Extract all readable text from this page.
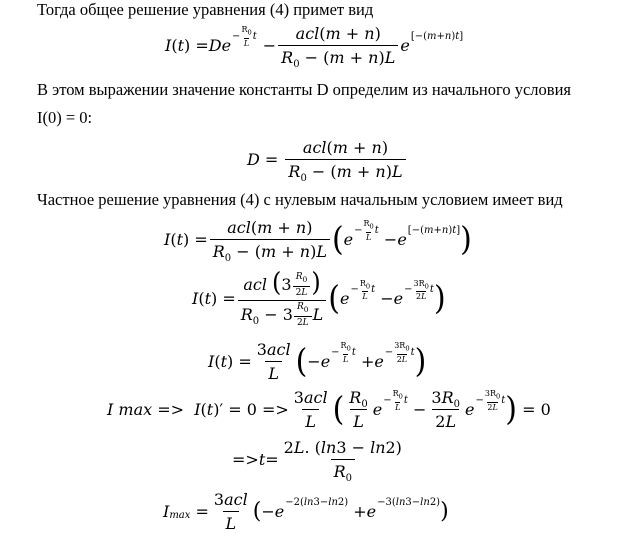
Тогда общее решение уравнения (4) примет вид
I ( t ) = $De - \frac{R_0}{L}$ $t - \frac{\text{acl(m + n)}}{R_0 - (m + n)L}$ e [−( m + n ) t ]
В этом выражении значение константы D определим из начального условия
I(0) = 0:
$D = \frac{\text{acl(m + n)}}{R_0 - (m + n)L}$
Частное решение уравнения (4) с нулевым начальным условием имеет вид
I ( t ) = $\frac{\text{acl(m + n)}}{R_0 - (m + n)L}$ ( $e - \frac{R_0}{L}$ t − e [−( m + n ) t ] )
I ( t ) = $\frac{acl (3 \frac{R_0}{2L} )}{R_0 - 3 \frac{R_0}{2L} L}$ ( $e - \frac{R_0}{L}$ $t - e - \frac{3R_0}{2L}$ t )
I ( t ) = $\frac{\text{3acl}}{L}$ ( − $e - \frac{R_0}{L}$ $t + e - \frac{3R_0}{2L}$ t )
I max =>
I ( t )′ = $0 => \frac{\text{3acl}}{L}$ ( $\frac{R_0}{L}$ $e - \frac{R_0}{L}$ $t - \frac{3R_0}{2L}$ $e - \frac{3R_0}{2L}$ t ) = 0
=> $t = \frac{2L. (\ln 3 - \ln 2)}{R_0}$
I $\max = \frac{\text{3acl}}{L}$ ( − e −2( ln 3− ln 2) + e −3( ln 3− ln 2) )
